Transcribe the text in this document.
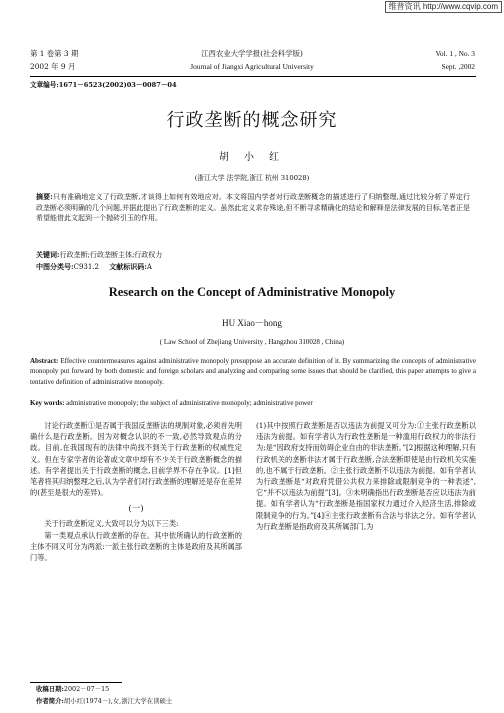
维普资讯 http://www.cqvip.com
第 1 卷第 3 期
2002 年 9 月
江西农业大学学报(社会科学版)
Journal of Jiangxi Agricultural University
Vol. 1 , No. 3
Sept. ,2002
文章编号:1671－6523(2002)03－0087－04
行政垄断的概念研究
胡 小 红
(浙江大学 法学院,浙江 杭州 310028)
摘要:只有准确地定义了行政垄断,才谈得上如何有效地应对。本文将国内学者对行政垄断概念的描述进行了归纳整理,通过比较分析了界定行政垄断必须明确的几个问题,并据此提出了行政垄断的定义。虽然此定义求存殊途,但不断寻求精确化的结论和解释是法律发展的目标,笔者正是希望能借此文起到一个抛砖引玉的作用。
关键词:行政垄断;行政垄断主体;行政权力
中图分类号:C931.2 文献标识码:A
Research on the Concept of Administrative Monopoly
HU Xiao－hong
( Law School of Zhejiang University , Hangzhou 310028 , China)
Abstract: Effective countermeasures against administrative monopoly presuppose an accurate definition of it. By summarizing the concepts of administrative monopoly put forward by both domestic and foreign scholars and analyzing and comparing some issues that should be clarified, this paper attempts to give a tentative definition of administrative monopoly.
Key words: administrative monopoly; the subject of administrative monopoly; administrative power
讨论行政垄断①是否属于我国反垄断法的规制对象,必须首先明确什么是行政垄断。因为对概念认识的不一致,必然导致观点的分歧。目前,在我国现有的法律中尚找不到关于行政垄断的权威性定义。但在专家学者的论著或文章中却有不少关于行政垄断概念的描述。有学者提出关于行政垄断的概念,目前学界不存在争议。[1]但笔者将其归纳整理之后,认为学者们对行政垄断的理解还是存在差异的(甚至是很大的差异)。
(一)
关于行政垄断定义,大致可以分为以下三类:
第一类观点承认行政垄断的存在。其中依所确认的行政垄断的主体不同又可分为两派:一派主张行政垄断的主体是政府及其所属部门等。
(1)其中按照行政垄断是否以违法为前提又可分为:①主张行政垄断以违法为前提。如有学者认为行政性垄断是一种滥用行政权力的非法行为;是“因政府支持而妨碍企业自由的非法垄断。”[2]根据这种理解,只有行政机关的垄断非法才属于行政垄断,合法垄断即使是由行政机关实施的,也不属于行政垄断。②主张行政垄断不以违法为前提。如有学者认为行政垄断是“对政府凭借公共权力来排除或限制竞争的一种表述”,它“并不以违法为前提”[3]。③未明确指出行政垄断是否应以违法为前提。如有学者认为“行政垄断是指国家权力通过介入经济生活,排除或限制竞争的行为。”[4]④主张行政垄断有合法与非法之分。如有学者认为行政垄断是指政府及其所属部门,为
收稿日期:2002－07－15
作者简介:胡小红(1974－),女,浙江大学在读硕士
